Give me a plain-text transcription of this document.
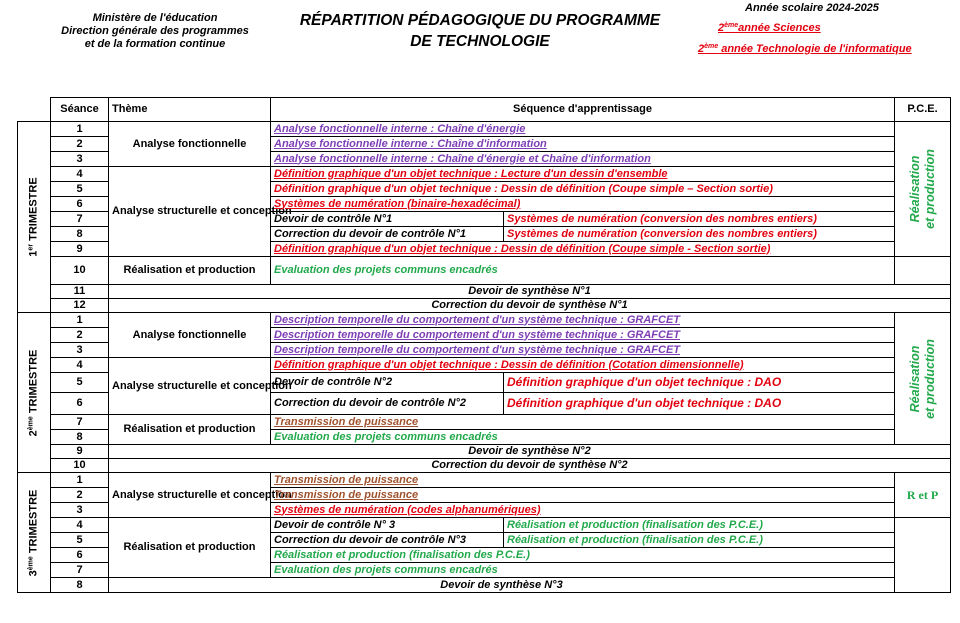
Ministère de l'éducation
Direction générale des programmes
et de la formation continue
RÉPARTITION PÉDAGOGIQUE DU PROGRAMME
DE TECHNOLOGIE
Année scolaire 2024-2025
2èmeannée Sciences
2ème année Technologie de l'informatique
	Séance	Thème	Séquence d'apprentissage		P.C.E.

1er TRIMESTRE	1	Analyse fonctionnelle	Analyse fonctionnelle interne : Chaîne d'énergie		Réalisation et production

	2		Analyse fonctionnelle interne : Chaîne d'information		
	3		Analyse fonctionnelle interne : Chaîne d'énergie et Chaîne d'information		
	4	Analyse structurelle et conception	Définition graphique d'un objet technique : Lecture d'un dessin d'ensemble		
	5		Définition graphique d'un objet technique : Dessin de définition (Coupe simple – Section sortie)		
	6		Systèmes de numération (binaire-hexadécimal)		
	7		Devoir de contrôle N°1	Systèmes de numération (conversion des nombres entiers)	
	8		Correction du devoir de contrôle N°1	Systèmes de numération (conversion des nombres entiers)	
	9		Définition graphique d'un objet technique : Dessin de définition (Coupe simple - Section sortie)		
	10	Réalisation et production	Evaluation des projets communs encadrés		
	11	Devoir de synthèse N°1			
	12	Correction du devoir de synthèse N°1			

2ème TRIMESTRE	1	Analyse fonctionnelle	Description temporelle du comportement d'un système technique : GRAFCET		Réalisation et production

	2		Description temporelle du comportement d'un système technique : GRAFCET		
	3		Description temporelle du comportement d'un système technique : GRAFCET		
	4	Analyse structurelle et conception	Définition graphique d'un objet technique : Dessin de définition (Cotation dimensionnelle)		
	5		Devoir de contrôle N°2	Définition graphique d'un objet technique : DAO	
	6		Correction du devoir de contrôle N°2	Définition graphique d'un objet technique : DAO	
	7	Réalisation et production	Transmission de puissance		
	8		Evaluation des projets communs encadrés		
	9	Devoir de synthèse N°2			
	10	Correction du devoir de synthèse N°2			

3ème TRIMESTRE	1	Analyse structurelle et conception	Transmission de puissance		R et P

	2		Transmission de puissance		
	3		Systèmes de numération (codes alphanumériques)		
	4	Réalisation et production	Devoir de contrôle N° 3	Réalisation et production (finalisation des P.C.E.)	
	5		Correction du devoir de contrôle N°3	Réalisation et production (finalisation des P.C.E.)	
	6		Réalisation et production (finalisation des P.C.E.)		
	7		Evaluation des projets communs encadrés		
	8	Devoir de synthèse N°3			
